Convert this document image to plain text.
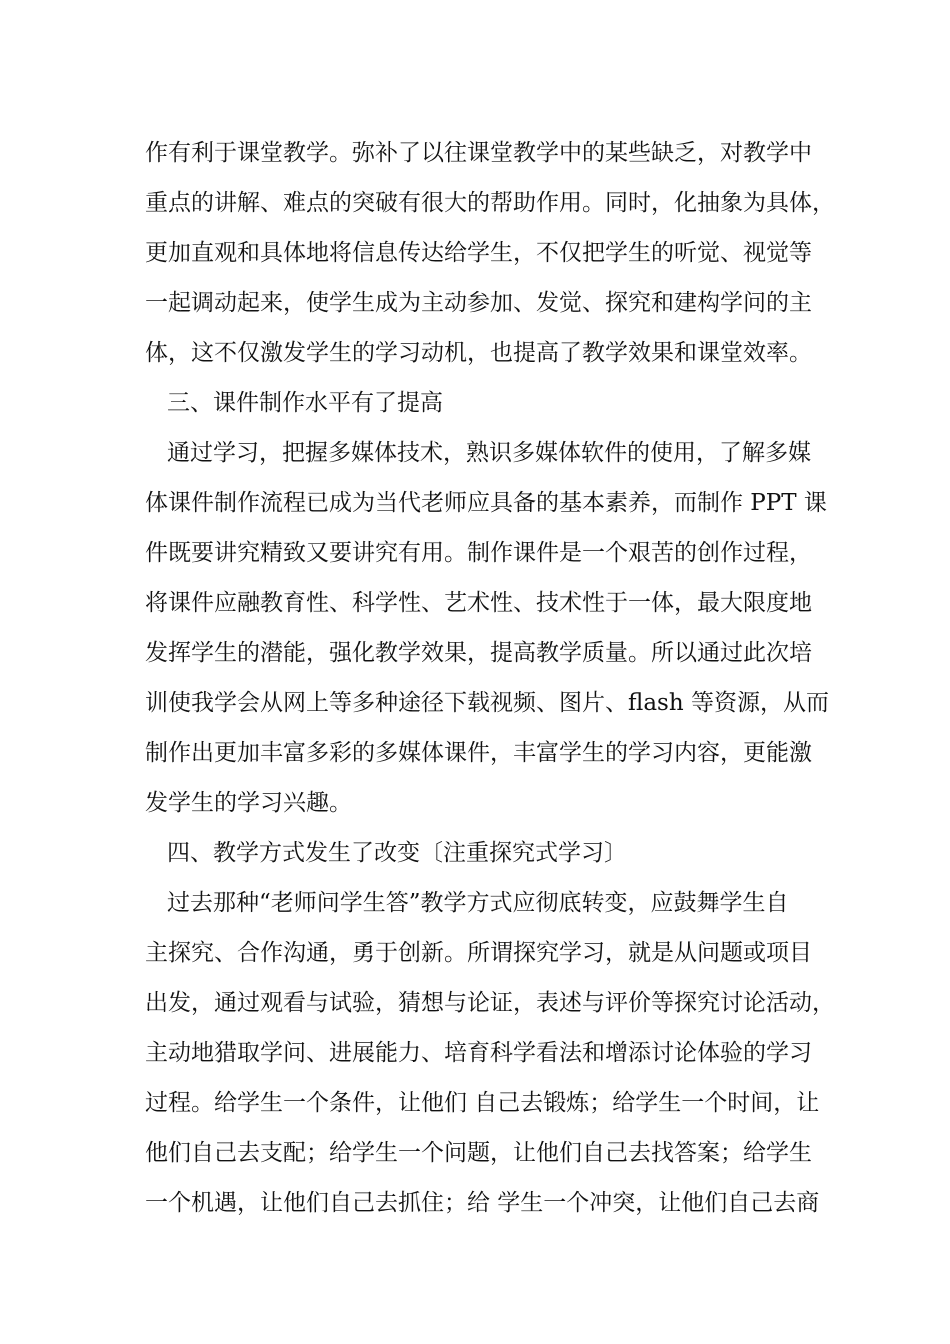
作有利于课堂教学。弥补了以往课堂教学中的某些缺乏，对教学中
重点的讲解、难点的突破有很大的帮助作用。同时，化抽象为具体，
更加直观和具体地将信息传达给学生，不仅把学生的听觉、视觉等
一起调动起来，使学生成为主动参加、发觉、探究和建构学问的主
体，这不仅激发学生的学习动机，也提高了教学效果和课堂效率。
三、课件制作水平有了提高
通过学习，把握多媒体技术，熟识多媒体软件的使用，了解多媒
体课件制作流程已成为当代老师应具备的基本素养，而制作 PPT 课
件既要讲究精致又要讲究有用。制作课件是一个艰苦的创作过程，
将课件应融教育性、科学性、艺术性、技术性于一体，最大限度地
发挥学生的潜能，强化教学效果，提高教学质量。所以通过此次培
训使我学会从网上等多种途径下载视频、图片、flash 等资源，从而
制作出更加丰富多彩的多媒体课件，丰富学生的学习内容，更能激
发学生的学习兴趣。
四、教学方式发生了改变〔注重探究式学习〕
过去那种“老师问学生答”教学方式应彻底转变，应鼓舞学生自
主探究、合作沟通，勇于创新。所谓探究学习，就是从问题或项目
出发，通过观看与试验，猜想与论证，表述与评价等探究讨论活动，
主动地猎取学问、进展能力、培育科学看法和增添讨论体验的学习
过程。给学生一个条件，让他们 自己去锻炼；给学生一个时间，让
他们自己去支配；给学生一个问题，让他们自己去找答案；给学生
一个机遇，让他们自己去抓住；给 学生一个冲突，让他们自己去商
